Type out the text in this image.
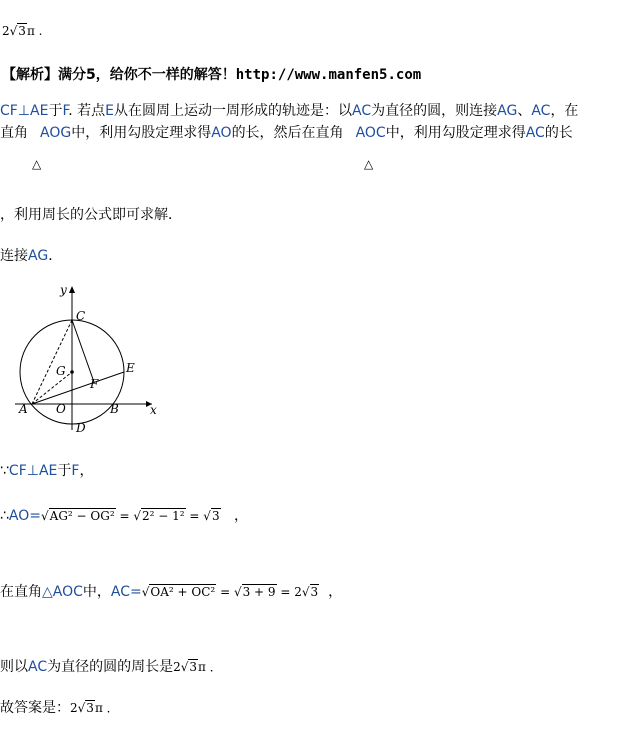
2√3π .
【解析】满分5，给你不一样的解答！http://www.manfen5.com
CF⊥AE于F. 若点E从在圆周上运动一周形成的轨迹是：以AC为直径的圆，则连接AG、AC，在
直角 AOG中，利用勾股定理求得AO的长，然后在直角 AOC中，利用勾股定理求得AC的长
△	△
，利用周长的公式即可求解．
连接AG．
y
x
C
G
F
E
A O	B
D
∵CF⊥AE于F，
∴AO=√AG² − OG² = √2² − 1² = √3 ，
在直角△AOC中，AC=√OA² + OC² = √3 + 9 = 2√3 ，
则以AC为直径的圆的周长是2√3π ．
故答案是：2√3π ．
